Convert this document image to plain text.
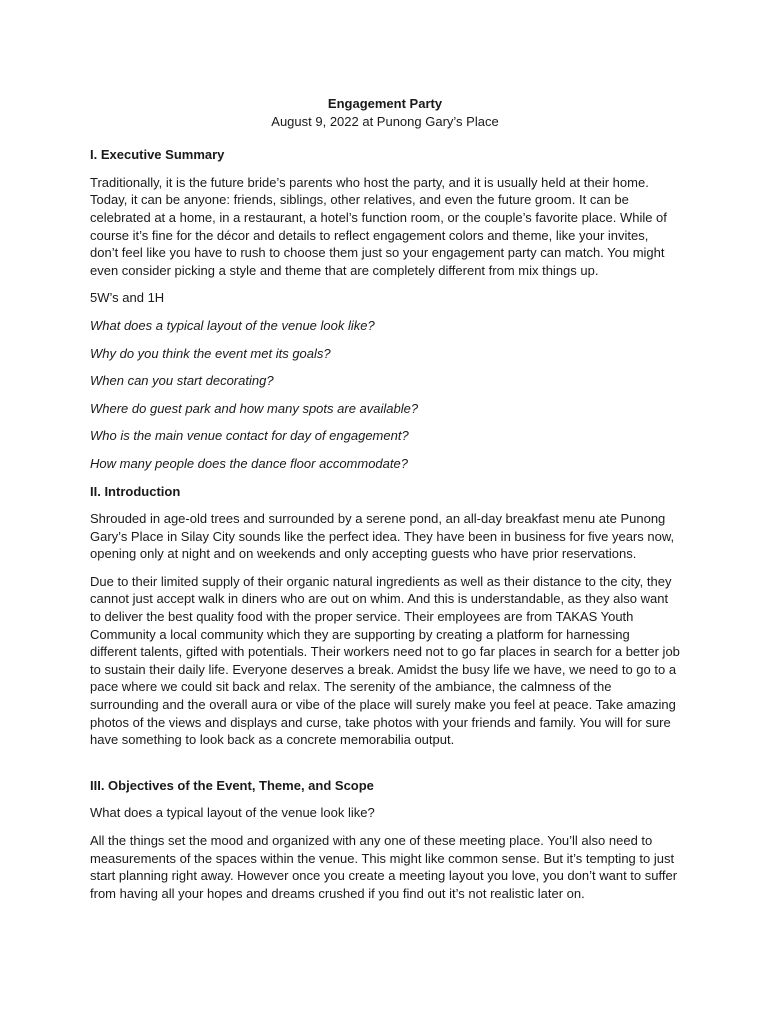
Engagement Party
August 9, 2022 at Punong Gary’s Place
I. Executive Summary

Traditionally, it is the future bride’s parents who host the party, and it is usually held at their home. Today, it can be anyone: friends, siblings, other relatives, and even the future groom. It can be celebrated at a home, in a restaurant, a hotel’s function room, or the couple’s favorite place. While of course it’s fine for the décor and details to reflect engagement colors and theme, like your invites, don’t feel like you have to rush to choose them just so your engagement party can match. You might even consider picking a style and theme that are completely different from mix things up.

5W’s and 1H

What does a typical layout of the venue look like?

Why do you think the event met its goals?

When can you start decorating?

Where do guest park and how many spots are available?

Who is the main venue contact for day of engagement?

How many people does the dance floor accommodate?

II. Introduction

Shrouded in age-old trees and surrounded by a serene pond, an all-day breakfast menu ate Punong Gary’s Place in Silay City sounds like the perfect idea. They have been in business for five years now, opening only at night and on weekends and only accepting guests who have prior reservations.

Due to their limited supply of their organic natural ingredients as well as their distance to the city, they cannot just accept walk in diners who are out on whim. And this is understandable, as they also want to deliver the best quality food with the proper service. Their employees are from TAKAS Youth Community a local community which they are supporting by creating a platform for harnessing different talents, gifted with potentials. Their workers need not to go far places in search for a better job to sustain their daily life. Everyone deserves a break. Amidst the busy life we have, we need to go to a pace where we could sit back and relax. The serenity of the ambiance, the calmness of the surrounding and the overall aura or vibe of the place will surely make you feel at peace. Take amazing photos of the views and displays and curse, take photos with your friends and family. You will for sure have something to look back as a concrete memorabilia output.

III. Objectives of the Event, Theme, and Scope

What does a typical layout of the venue look like?

All the things set the mood and organized with any one of these meeting place. You’ll also need to measurements of the spaces within the venue. This might like common sense. But it’s tempting to just start planning right away. However once you create a meeting layout you love, you don’t want to suffer from having all your hopes and dreams crushed if you find out it’s not realistic later on.
